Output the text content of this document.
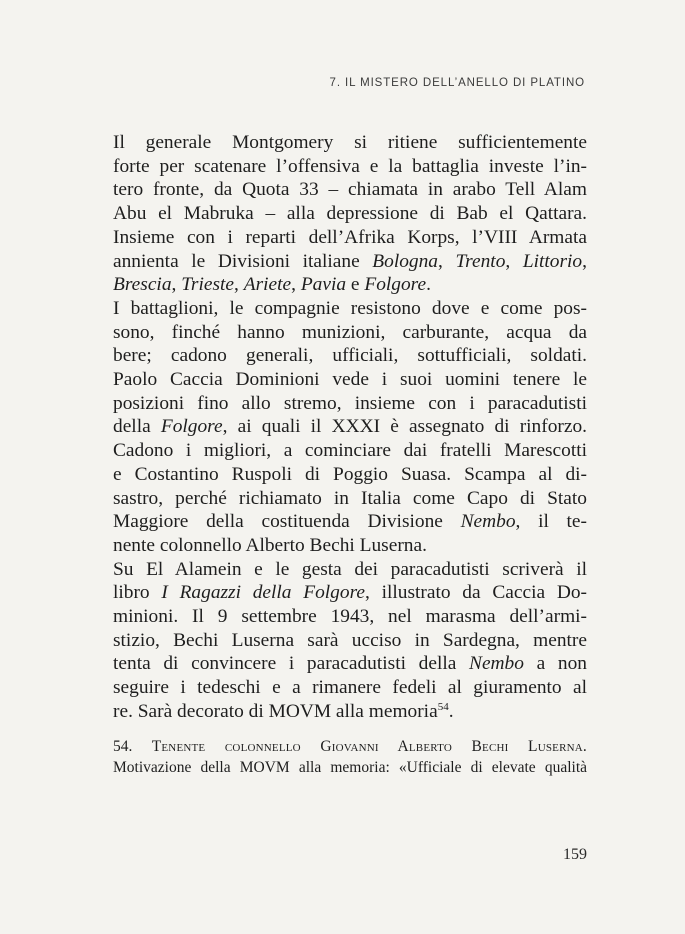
7. IL MISTERO DELL’ANELLO DI PLATINO
Il generale Montgomery si ritiene sufficientemente
forte per scatenare l’offensiva e la battaglia investe l’in-
tero fronte, da Quota 33 – chiamata in arabo Tell Alam
Abu el Mabruka – alla depressione di Bab el Qattara.
Insieme con i reparti dell’Afrika Korps, l’VIII Armata
annienta le Divisioni italiane Bologna, Trento, Littorio,
Brescia, Trieste, Ariete, Pavia e Folgore.
I battaglioni, le compagnie resistono dove e come pos-
sono, finché hanno munizioni, carburante, acqua da
bere; cadono generali, ufficiali, sottufficiali, soldati.
Paolo Caccia Dominioni vede i suoi uomini tenere le
posizioni fino allo stremo, insieme con i paracadutisti
della Folgore, ai quali il XXXI è assegnato di rinforzo.
Cadono i migliori, a cominciare dai fratelli Marescotti
e Costantino Ruspoli di Poggio Suasa. Scampa al di-
sastro, perché richiamato in Italia come Capo di Stato
Maggiore della costituenda Divisione Nembo, il te-
nente colonnello Alberto Bechi Luserna.
Su El Alamein e le gesta dei paracadutisti scriverà il
libro I Ragazzi della Folgore, illustrato da Caccia Do-
minioni. Il 9 settembre 1943, nel marasma dell’armi-
stizio, Bechi Luserna sarà ucciso in Sardegna, mentre
tenta di convincere i paracadutisti della Nembo a non
seguire i tedeschi e a rimanere fedeli al giuramento al
re. Sarà decorato di MOVM alla memoria$^{54}$.
54. Tenente colonnello Giovanni Alberto Bechi Luserna.
Motivazione della MOVM alla memoria: «Ufficiale di elevate qualità
159
